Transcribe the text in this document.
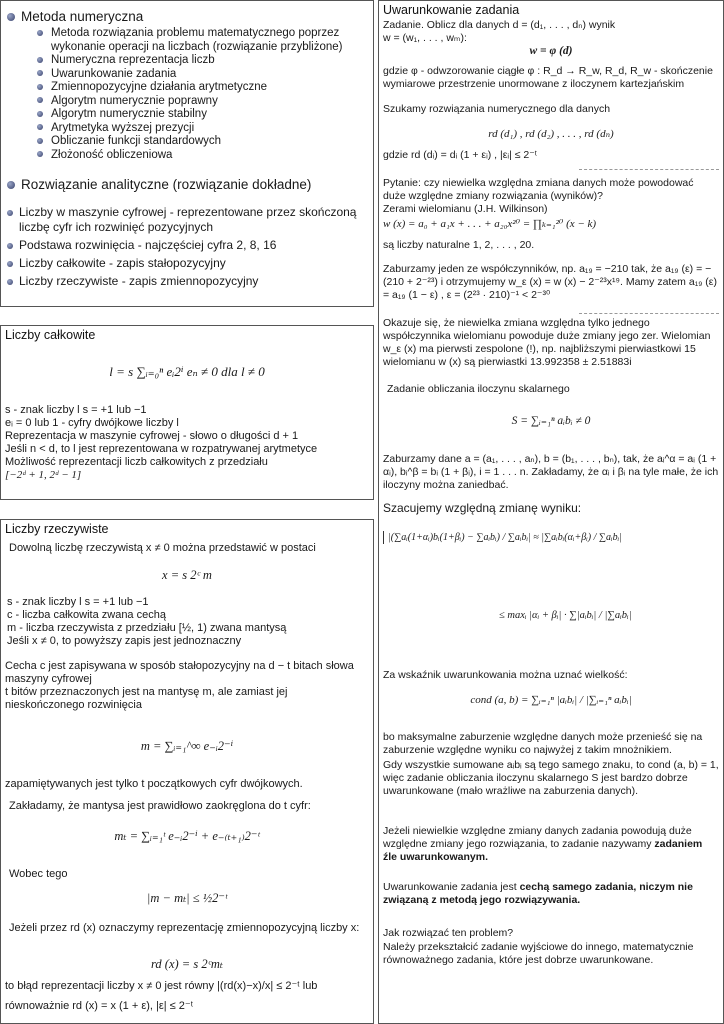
Metoda numeryczna
Metoda rozwiązania problemu matematycznego poprzez wykonanie operacji na liczbach (rozwiązanie przybliżone)
Numeryczna reprezentacja liczb
Uwarunkowanie zadania
Zmiennopozycyjne działania arytmetyczne
Algorytm numerycznie poprawny
Algorytm numerycznie stabilny
Arytmetyka wyższej prezycji
Obliczanie funkcji standardowych
Złożoność obliczeniowa
Rozwiązanie analityczne (rozwiązanie dokładne)
Liczby w maszynie cyfrowej - reprezentowane przez skończoną liczbę cyfr ich rozwinięć pozycyjnych
Podstawa rozwinięcia - najczęściej cyfra 2, 8, 16
Liczby całkowite - zapis stałopozycyjny
Liczby rzeczywiste - zapis zmiennopozycyjny
Liczby całkowite
l = s ∑ᵢ₌₀ⁿ eᵢ2ⁱ eₙ ≠ 0 dla l ≠ 0
s - znak liczby l s = +1 lub −1
eᵢ = 0 lub 1 - cyfry dwójkowe liczby l
Reprezentacja w maszynie cyfrowej - słowo o długości d + 1
Jeśli n < d, to l jest reprezentowana w rozpatrywanej arytmetyce
Możliwość reprezentacji liczb całkowitych z przedziału
[−2ᵈ + 1, 2ᵈ − 1]
Liczby rzeczywiste
Dowolną liczbę rzeczywistą x ≠ 0 można przedstawić w postaci
x = s 2ᶜ m
s - znak liczby l s = +1 lub −1
c - liczba całkowita zwana cechą
m - liczba rzeczywista z przedziału [½, 1) zwana mantysą
Jeśli x ≠ 0, to powyższy zapis jest jednoznaczny
Cecha c jest zapisywana w sposób stałopozycyjny na d − t bitach słowa maszyny cyfrowej
t bitów przeznaczonych jest na mantysę m, ale zamiast jej nieskończonego rozwinięcia
m = ∑ᵢ₌₁^∞ e₋ᵢ2⁻ⁱ
zapamiętywanych jest tylko t początkowych cyfr dwójkowych.
Zakładamy, że mantysa jest prawidłowo zaokręglona do t cyfr:
mₜ = ∑ᵢ₌₁ᵗ e₋ᵢ2⁻ⁱ + e₋₍ₜ₊₁₎2⁻ᵗ
Wobec tego
|m − mₜ| ≤ ½2⁻ᵗ
Jeżeli przez rd (x) oznaczymy reprezentację zmiennopozycyjną liczby x:
rd (x) = s 2ᶜmₜ
to błąd reprezentacji liczby x ≠ 0 jest równy |(rd(x)−x)/x| ≤ 2⁻ᵗ lub
równoważnie rd (x) = x (1 + ε), |ε| ≤ 2⁻ᵗ
Uwarunkowanie zadania
Zadanie. Oblicz dla danych d = (d₁, . . . , dₙ) wynik
w = (w₁, . . . , wₘ):
w = φ (d)
gdzie φ - odwzorowanie ciągłe φ : R_d → R_w, R_d, R_w - skończenie wymiarowe przestrzenie unormowane z iloczynem kartezjańskim
Szukamy rozwiązania numerycznego dla danych
rd (d₁) , rd (d₂) , . . . , rd (dₙ)
gdzie rd (dᵢ) = dᵢ (1 + εᵢ) , |εᵢ| ≤ 2⁻ᵗ
Pytanie: czy niewielka względna zmiana danych może powodować duże względne zmiany rozwiązania (wyników)?
Zerami wielomianu (J.H. Wilkinson)
w (x) = a₀ + a₁x + . . . + a₂₀x²⁰ = ∏ₖ₌₁²⁰ (x − k)
są liczby naturalne 1, 2, . . . , 20.
Zaburzamy jeden ze współczynników, np. a₁₉ = −210 tak, że a₁₉ (ε) = − (210 + 2⁻²³) i otrzymujemy w_ε (x) = w (x) − 2⁻²³x¹⁹. Mamy zatem a₁₉ (ε) = a₁₉ (1 − ε) , ε = (2²³ · 210)⁻¹ < 2⁻³⁰
Okazuje się, że niewielka zmiana względna tylko jednego współczynnika wielomianu powoduje duże zmiany jego zer. Wielomian w_ε (x) ma pierwsti zespolone (!), np. najbliższymi pierwiastkowi 15 wielomianu w (x) są pierwiastki 13.992358 ± 2.51883i
Zadanie obliczania iloczynu skalarnego
S = ∑ᵢ₌₁ⁿ aᵢbᵢ ≠ 0
Zaburzamy dane a = (a₁, . . . , aₙ), b = (b₁, . . . , bₙ), tak, że aᵢ^α = aᵢ (1 + αᵢ), bᵢ^β = bᵢ (1 + βᵢ), i = 1 . . . n. Zakładamy, że αᵢ i βᵢ na tyle małe, że ich iloczyny można zaniedbać.
Szacujemy względną zmianę wyniku:
|(∑aᵢ(1+αᵢ)bᵢ(1+βᵢ) − ∑aᵢbᵢ) / ∑aᵢbᵢ| ≈ |∑aᵢbᵢ(αᵢ+βᵢ) / ∑aᵢbᵢ|
≤ maxᵢ |αᵢ + βᵢ| · ∑|aᵢbᵢ| / |∑aᵢbᵢ|
Za wskaźnik uwarunkowania można uznać wielkość:
cond (a, b) = ∑ᵢ₌₁ⁿ |aᵢbᵢ| / |∑ᵢ₌₁ⁿ aᵢbᵢ|
bo maksymalne zaburzenie względne danych może przenieść się na zaburzenie względne wyniku co najwyżej z takim mnożnikiem.
Gdy wszystkie sumowane aᵢbᵢ są tego samego znaku, to cond (a, b) = 1, więc zadanie obliczania iloczynu skalarnego S jest bardzo dobrze uwarunkowane (mało wrażliwe na zaburzenia danych).
Jeżeli niewielkie względne zmiany danych zadania powodują duże względne zmiany jego rozwiązania, to zadanie nazywamy zadaniem źle uwarunkowanym.
Uwarunkowanie zadania jest cechą samego zadania, niczym nie związaną z metodą jego rozwiązywania.
Jak rozwiązać ten problem?
Należy przekształcić zadanie wyjściowe do innego, matematycznie równoważnego zadania, które jest dobrze uwarunkowane.
